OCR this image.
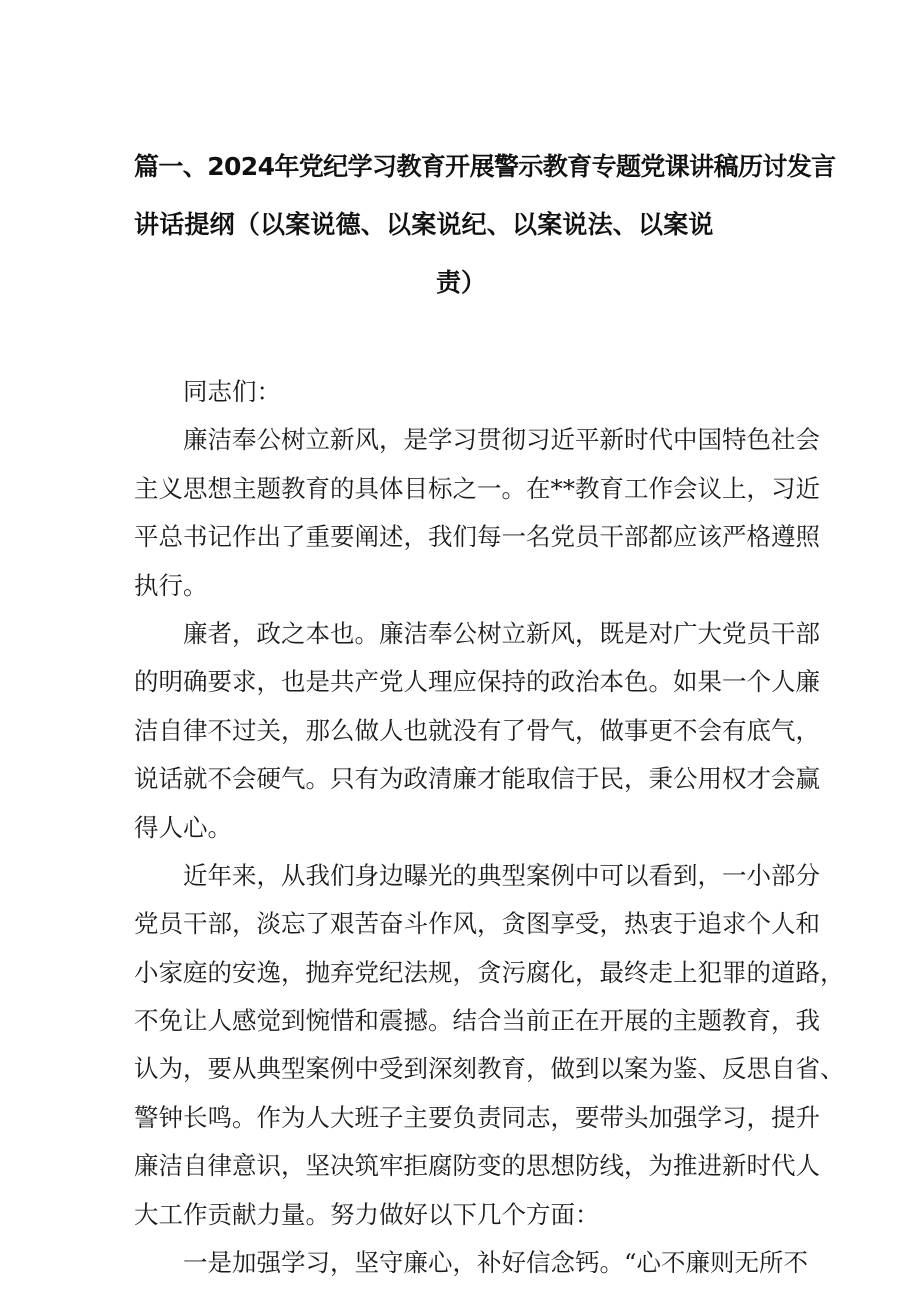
篇一、2024年党纪学习教育开展警示教育专题党课讲稿历讨发言
讲话提纲（以案说德、以案说纪、以案说法、以案说
责）
同志们：
廉洁奉公树立新风，是学习贯彻习近平新时代中国特色社会
主义思想主题教育的具体目标之一。在**教育工作会议上，习近
平总书记作出了重要阐述，我们每一名党员干部都应该严格遵照
执行。
廉者，政之本也。廉洁奉公树立新风，既是对广大党员干部
的明确要求，也是共产党人理应保持的政治本色。如果一个人廉
洁自律不过关，那么做人也就没有了骨气，做事更不会有底气，
说话就不会硬气。只有为政清廉才能取信于民，秉公用权才会赢
得人心。
近年来，从我们身边曝光的典型案例中可以看到，一小部分
党员干部，淡忘了艰苦奋斗作风，贪图享受，热衷于追求个人和
小家庭的安逸，抛弃党纪法规，贪污腐化，最终走上犯罪的道路，
不免让人感觉到惋惜和震撼。结合当前正在开展的主题教育，我
认为，要从典型案例中受到深刻教育，做到以案为鉴、反思自省、
警钟长鸣。作为人大班子主要负责同志，要带头加强学习，提升
廉洁自律意识，坚决筑牢拒腐防变的思想防线，为推进新时代人
大工作贡献力量。努力做好以下几个方面：
一是加强学习，坚守廉心，补好信念钙。“心不廉则无所不
